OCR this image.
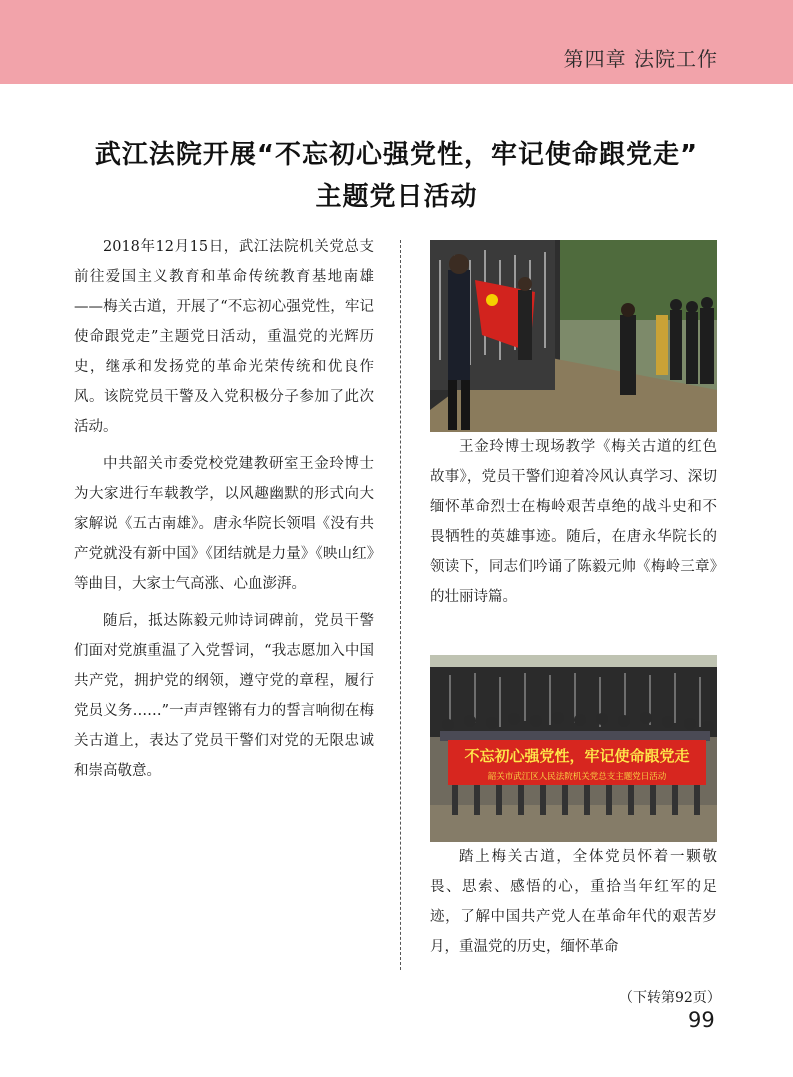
第四章 法院工作

武江法院开展“不忘初心强党性，牢记使命跟党走”
主题党日活动

2018年12月15日，武江法院机关党总支前往爱国主义教育和革命传统教育基地南雄——梅关古道，开展了“不忘初心强党性，牢记使命跟党走”主题党日活动，重温党的光辉历史，继承和发扬党的革命光荣传统和优良作风。该院党员干警及入党积极分子参加了此次活动。

中共韶关市委党校党建教研室王金玲博士为大家进行车载教学，以风趣幽默的形式向大家解说《五古南雄》。唐永华院长领唱《没有共产党就没有新中国》《团结就是力量》《映山红》等曲目，大家士气高涨、心血澎湃。

随后，抵达陈毅元帅诗词碑前，党员干警们面对党旗重温了入党誓词，“我志愿加入中国共产党，拥护党的纲领，遵守党的章程，履行党员义务……”一声声铿锵有力的誓言响彻在梅关古道上，表达了党员干警们对党的无限忠诚和崇高敬意。

王金玲博士现场教学《梅关古道的红色故事》，党员干警们迎着冷风认真学习、深切缅怀革命烈士在梅岭艰苦卓绝的战斗史和不畏牺牲的英雄事迹。随后，在唐永华院长的领读下，同志们吟诵了陈毅元帅《梅岭三章》的壮丽诗篇。

不忘初心强党性，牢记使命跟党走
韶关市武江区人民法院机关党总支主题党日活动

踏上梅关古道，全体党员怀着一颗敬畏、思索、感悟的心，重拾当年红军的足迹，了解中国共产党人在革命年代的艰苦岁月，重温党的历史，缅怀革命

（下转第92页）

99
